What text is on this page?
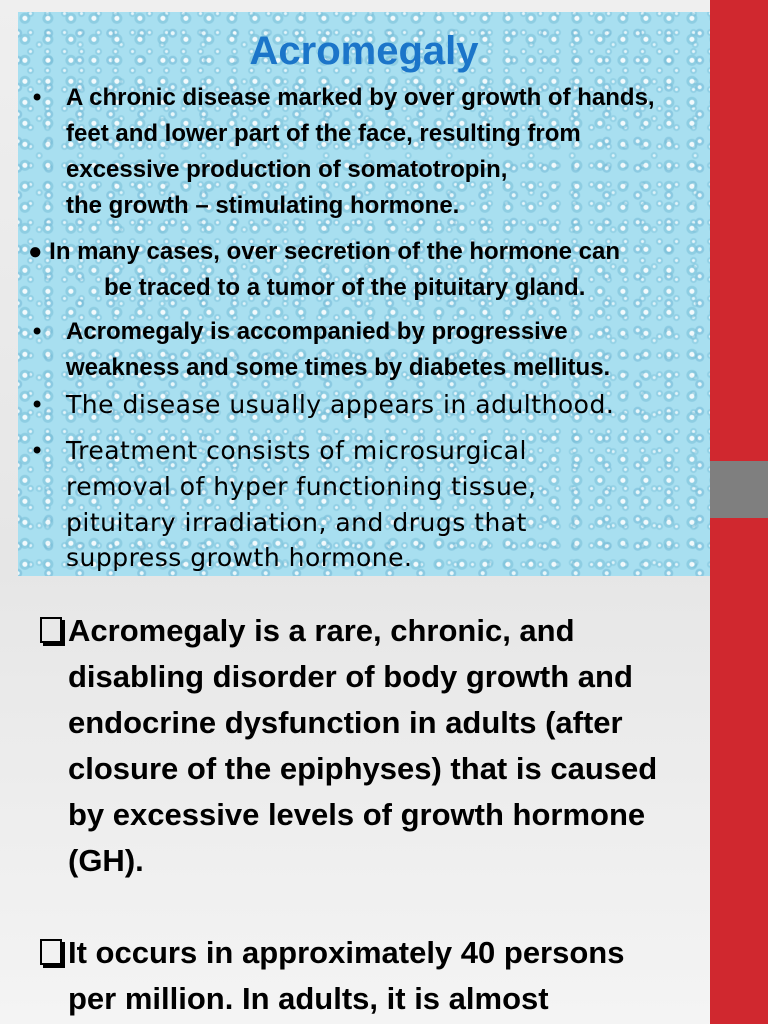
Acromegaly
• A chronic disease marked by over growth of hands,

feet and lower part of the face, resulting from

excessive production of somatotropin,

the growth – stimulating hormone.

● In many cases, over secretion of the hormone can

be traced to a tumor of the pituitary gland.

• Acromegaly is accompanied by progressive

weakness and some times by diabetes mellitus.

• The disease usually appears in adulthood.

• Treatment consists of microsurgical

removal of hyper functioning tissue,

pituitary irradiation, and drugs that

suppress growth hormone.

Acromegaly is a rare, chronic, and

disabling disorder of body growth and

endocrine dysfunction in adults (after

closure of the epiphyses) that is caused

by excessive levels of growth hormone

(GH).

It occurs in approximately 40 persons

per million. In adults, it is almost
